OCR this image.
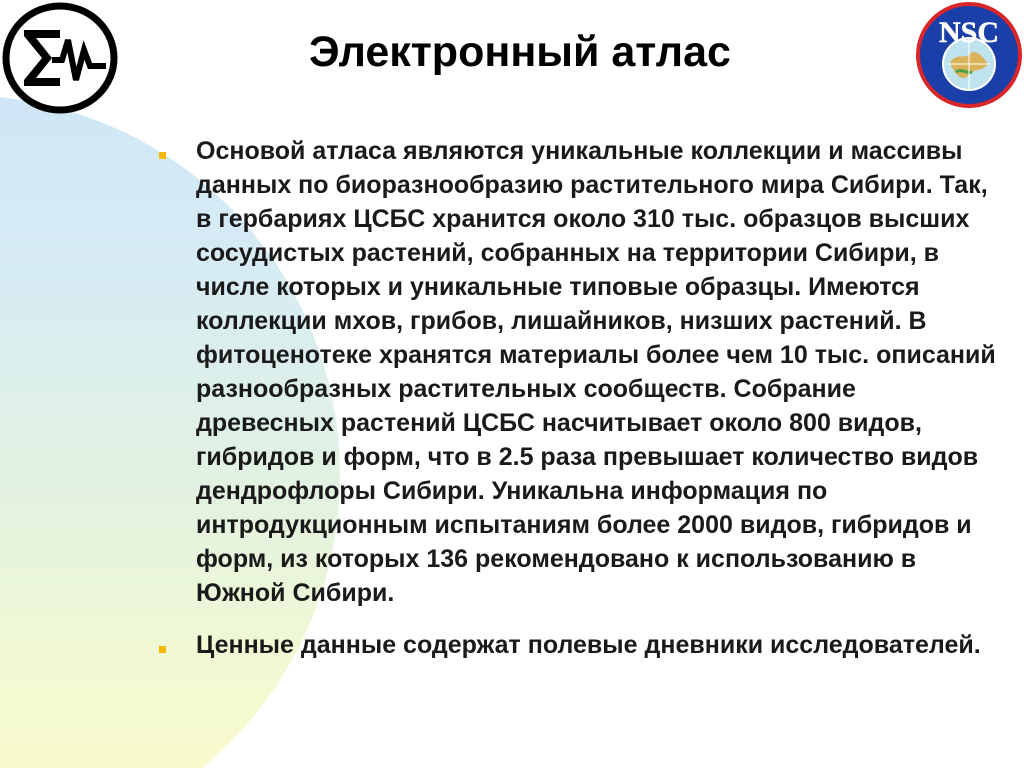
NSC
Электронный атлас
Основой атласа являются уникальные коллекции и массивы данных по биоразнообразию растительного мира Сибири. Так, в гербариях ЦСБС хранится около 310 тыс. образцов высших сосудистых растений, собранных на территории Сибири, в числе которых и уникальные типовые образцы. Имеются коллекции мхов, грибов, лишайников, низших растений. В фитоценотеке хранятся материалы более чем 10 тыс. описаний разнообразных растительных сообществ. Собрание древесных растений ЦСБС насчитывает около 800 видов, гибридов и форм, что в 2.5 раза превышает количество видов дендрофлоры Сибири. Уникальна информация по интродукционным испытаниям более 2000 видов, гибридов и форм, из которых 136 рекомендовано к использованию в Южной Сибири.
Ценные данные содержат полевые дневники исследователей.
